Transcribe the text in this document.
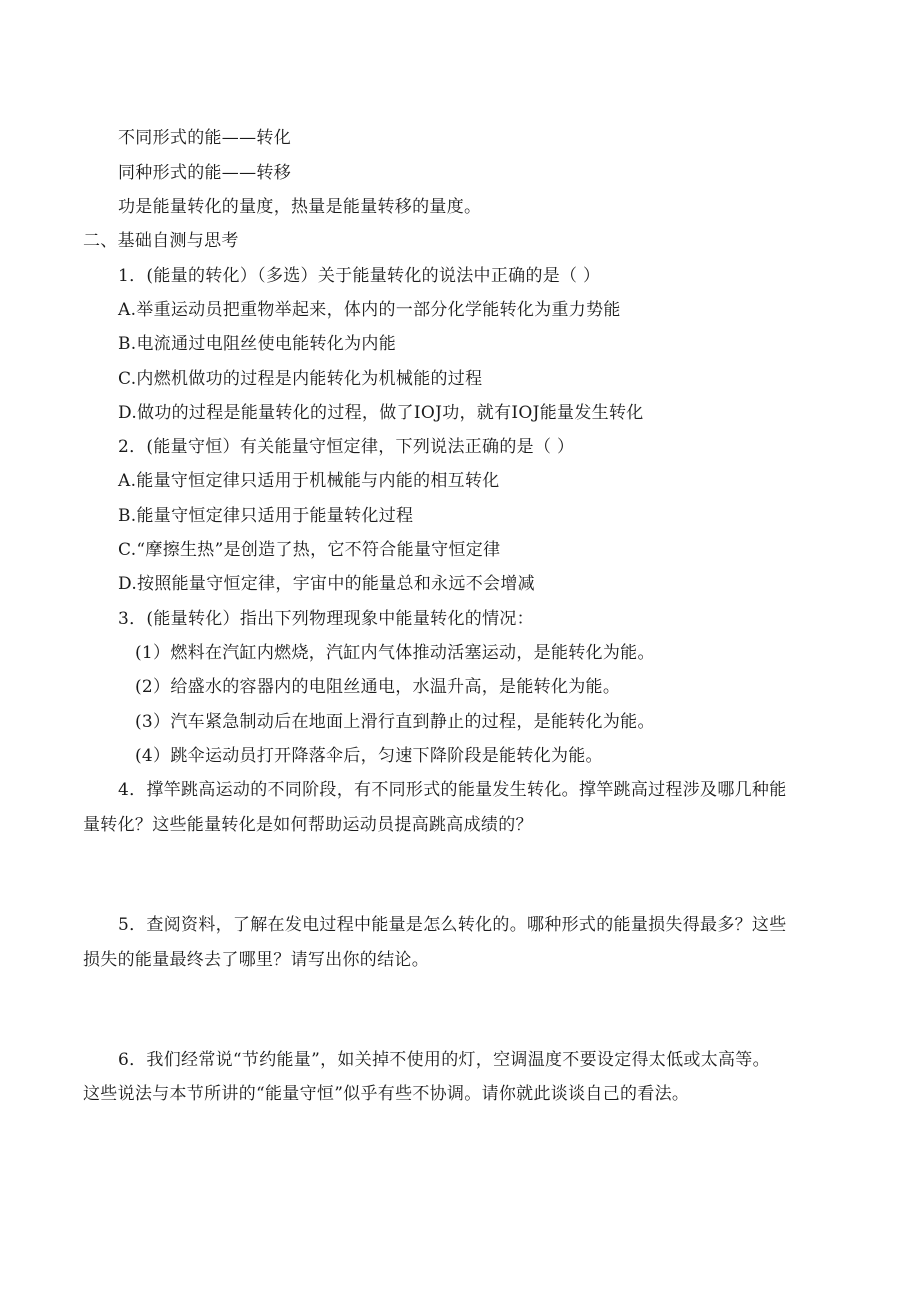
不同形式的能——转化
同种形式的能——转移
功是能量转化的量度，热量是能量转移的量度。
二、基础自测与思考
1．(能量的转化）（多选）关于能量转化的说法中正确的是（ ）
A.举重运动员把重物举起来，体内的一部分化学能转化为重力势能
B.电流通过电阻丝使电能转化为内能
C.内燃机做功的过程是内能转化为机械能的过程
D.做功的过程是能量转化的过程，做了IOJ功，就有IOJ能量发生转化
2．(能量守恒）有关能量守恒定律，下列说法正确的是（ ）
A.能量守恒定律只适用于机械能与内能的相互转化
B.能量守恒定律只适用于能量转化过程
C.“摩擦生热”是创造了热，它不符合能量守恒定律
D.按照能量守恒定律，宇宙中的能量总和永远不会增减
3．(能量转化）指出下列物理现象中能量转化的情况：
(1）燃料在汽缸内燃烧，汽缸内气体推动活塞运动，是能转化为能。
(2）给盛水的容器内的电阻丝通电，水温升高，是能转化为能。
(3）汽车紧急制动后在地面上滑行直到静止的过程，是能转化为能。
(4）跳伞运动员打开降落伞后，匀速下降阶段是能转化为能。
4．撑竿跳高运动的不同阶段，有不同形式的能量发生转化。撑竿跳高过程涉及哪几种能
量转化？这些能量转化是如何帮助运动员提高跳高成绩的？
5．查阅资料，了解在发电过程中能量是怎么转化的。哪种形式的能量损失得最多？这些
损失的能量最终去了哪里？请写出你的结论。
6．我们经常说“节约能量”，如关掉不使用的灯，空调温度不要设定得太低或太高等。
这些说法与本节所讲的“能量守恒”似乎有些不协调。请你就此谈谈自己的看法。
